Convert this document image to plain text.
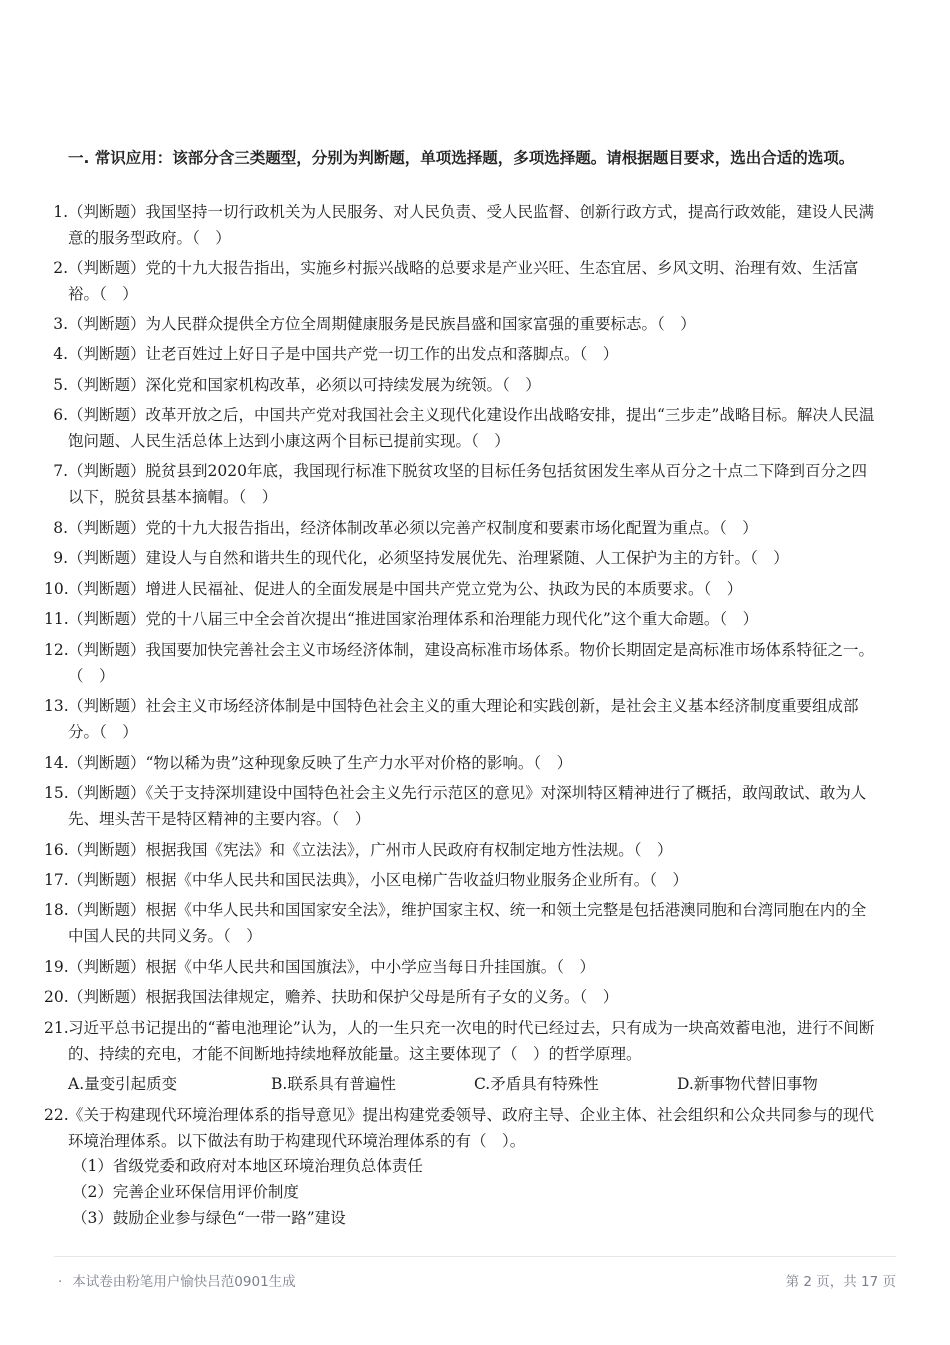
一. 常识应用：该部分含三类题型，分别为判断题，单项选择题，多项选择题。请根据题目要求，选出合适的选项。
1. （判断题）我国坚持一切行政机关为人民服务、对人民负责、受人民监督、创新行政方式，提高行政效能，建设人民满意的服务型政府。（　）
2. （判断题）党的十九大报告指出，实施乡村振兴战略的总要求是产业兴旺、生态宜居、乡风文明、治理有效、生活富裕。（　）
3. （判断题）为人民群众提供全方位全周期健康服务是民族昌盛和国家富强的重要标志。（　）
4. （判断题）让老百姓过上好日子是中国共产党一切工作的出发点和落脚点。（　）
5. （判断题）深化党和国家机构改革，必须以可持续发展为统领。（　）
6. （判断题）改革开放之后，中国共产党对我国社会主义现代化建设作出战略安排，提出“三步走”战略目标。解决人民温饱问题、人民生活总体上达到小康这两个目标已提前实现。（　）
7. （判断题）脱贫县到2020年底，我国现行标准下脱贫攻坚的目标任务包括贫困发生率从百分之十点二下降到百分之四以下，脱贫县基本摘帽。（　）
8. （判断题）党的十九大报告指出，经济体制改革必须以完善产权制度和要素市场化配置为重点。（　）
9. （判断题）建设人与自然和谐共生的现代化，必须坚持发展优先、治理紧随、人工保护为主的方针。（　）
10. （判断题）增进人民福祉、促进人的全面发展是中国共产党立党为公、执政为民的本质要求。（　）
11. （判断题）党的十八届三中全会首次提出“推进国家治理体系和治理能力现代化”这个重大命题。（　）
12. （判断题）我国要加快完善社会主义市场经济体制，建设高标准市场体系。物价长期固定是高标准市场体系特征之一。（　）
13. （判断题）社会主义市场经济体制是中国特色社会主义的重大理论和实践创新，是社会主义基本经济制度重要组成部分。（　）
14. （判断题）“物以稀为贵”这种现象反映了生产力水平对价格的影响。（　）
15. （判断题）《关于支持深圳建设中国特色社会主义先行示范区的意见》对深圳特区精神进行了概括，敢闯敢试、敢为人先、埋头苦干是特区精神的主要内容。（　）
16. （判断题）根据我国《宪法》和《立法法》，广州市人民政府有权制定地方性法规。（　）
17. （判断题）根据《中华人民共和国民法典》，小区电梯广告收益归物业服务企业所有。（　）
18. （判断题）根据《中华人民共和国国家安全法》，维护国家主权、统一和领土完整是包括港澳同胞和台湾同胞在内的全中国人民的共同义务。（　）
19. （判断题）根据《中华人民共和国国旗法》，中小学应当每日升挂国旗。（　）
20. （判断题）根据我国法律规定，赡养、扶助和保护父母是所有子女的义务。（　）
21. 习近平总书记提出的“蓄电池理论”认为，人的一生只充一次电的时代已经过去，只有成为一块高效蓄电池，进行不间断的、持续的充电，才能不间断地持续地释放能量。这主要体现了（　）的哲学原理。
A.量变引起质变	B.联系具有普遍性	C.矛盾具有特殊性	D.新事物代替旧事物
22. 《关于构建现代环境治理体系的指导意见》提出构建党委领导、政府主导、企业主体、社会组织和公众共同参与的现代环境治理体系。以下做法有助于构建现代环境治理体系的有（　）。
（1）省级党委和政府对本地区环境治理负总体责任
（2）完善企业环保信用评价制度
（3）鼓励企业参与绿色“一带一路”建设
· 本试卷由粉笔用户愉快吕范0901生成	第 2 页，共 17 页
